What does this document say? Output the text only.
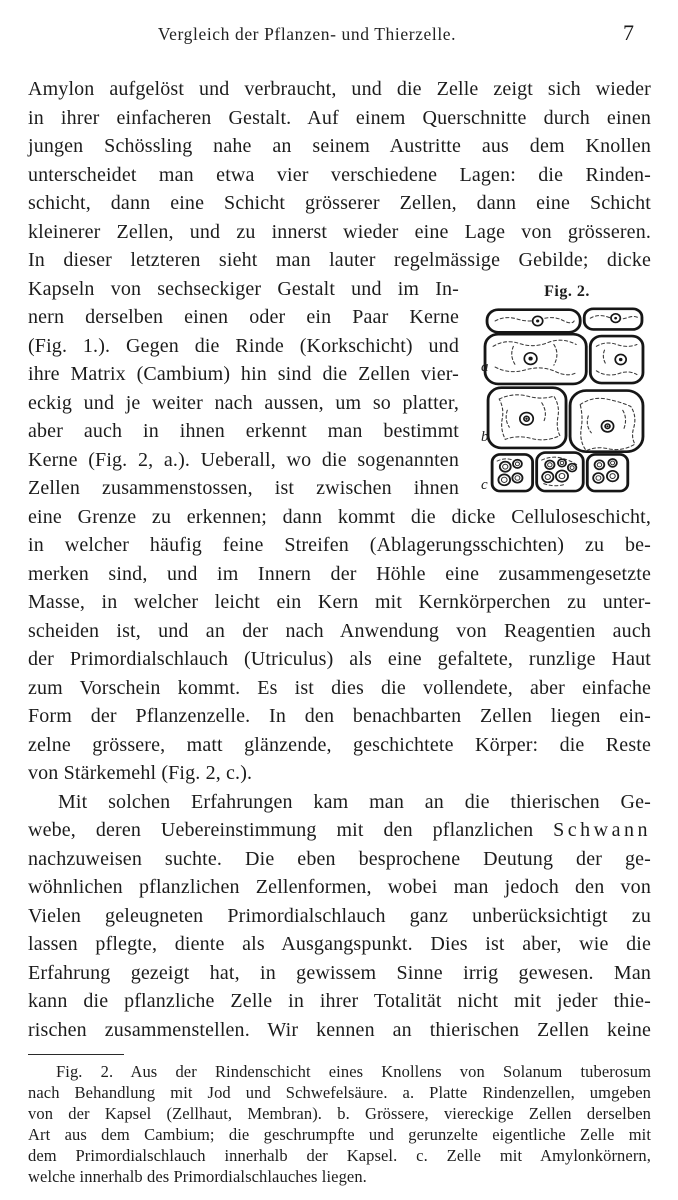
Vergleich der Pflanzen- und Thierzelle.	7
Amylon aufgelöst und verbraucht, und die Zelle zeigt sich wieder
in ihrer einfacheren Gestalt. Auf einem Querschnitte durch einen
jungen Schössling nahe an seinem Austritte aus dem Knollen
unterscheidet man etwa vier verschiedene Lagen: die Rinden-
schicht, dann eine Schicht grösserer Zellen, dann eine Schicht
kleinerer Zellen, und zu innerst wieder eine Lage von grösseren.
In dieser letzteren sieht man lauter regelmässige Gebilde; dicke
Fig. 2.
a
b
c
Kapseln von sechseckiger Gestalt und im In-
nern derselben einen oder ein Paar Kerne
(Fig. 1.). Gegen die Rinde (Korkschicht) und
ihre Matrix (Cambium) hin sind die Zellen vier-
eckig und je weiter nach aussen, um so platter,
aber auch in ihnen erkennt man bestimmt
Kerne (Fig. 2, a.). Ueberall, wo die sogenannten
Zellen zusammenstossen, ist zwischen ihnen
eine Grenze zu erkennen; dann kommt die dicke Celluloseschicht,
in welcher häufig feine Streifen (Ablagerungsschichten) zu be-
merken sind, und im Innern der Höhle eine zusammengesetzte
Masse, in welcher leicht ein Kern mit Kernkörperchen zu unter-
scheiden ist, und an der nach Anwendung von Reagentien auch
der Primordialschlauch (Utriculus) als eine gefaltete, runzlige Haut
zum Vorschein kommt. Es ist dies die vollendete, aber einfache
Form der Pflanzenzelle. In den benachbarten Zellen liegen ein-
zelne grössere, matt glänzende, geschichtete Körper: die Reste
von Stärkemehl (Fig. 2, c.).
Mit solchen Erfahrungen kam man an die thierischen Ge-
webe, deren Uebereinstimmung mit den pflanzlichen Schwann
nachzuweisen suchte. Die eben besprochene Deutung der ge-
wöhnlichen pflanzlichen Zellenformen, wobei man jedoch den von
Vielen geleugneten Primordialschlauch ganz unberücksichtigt zu
lassen pflegte, diente als Ausgangspunkt. Dies ist aber, wie die
Erfahrung gezeigt hat, in gewissem Sinne irrig gewesen. Man
kann die pflanzliche Zelle in ihrer Totalität nicht mit jeder thie-
rischen zusammenstellen. Wir kennen an thierischen Zellen keine
Fig. 2. Aus der Rindenschicht eines Knollens von Solanum tuberosum
nach Behandlung mit Jod und Schwefelsäure. a. Platte Rindenzellen, umgeben
von der Kapsel (Zellhaut, Membran). b. Grössere, viereckige Zellen derselben
Art aus dem Cambium; die geschrumpfte und gerunzelte eigentliche Zelle mit
dem Primordialschlauch innerhalb der Kapsel. c. Zelle mit Amylonkörnern,
welche innerhalb des Primordialschlauches liegen.
